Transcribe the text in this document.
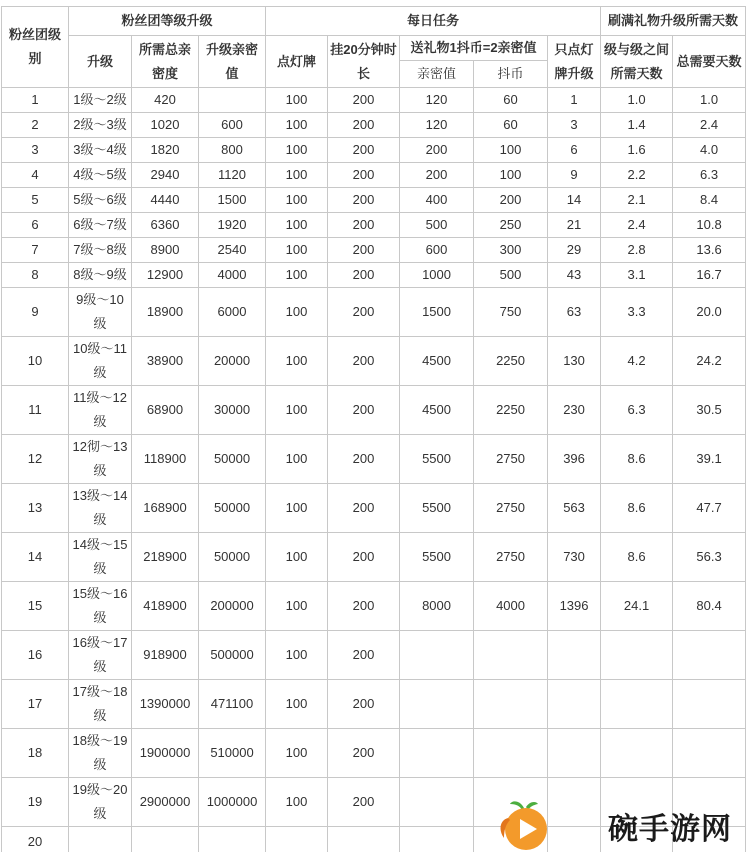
粉丝团级别	粉丝团等级升级			每日任务					刷满礼物升级所需天数	
	升级	所需总亲密度	升级亲密值	点灯牌	挂20分钟时长	送礼物1抖币=2亲密值		只点灯牌升级	级与级之间所需天数	总需要天数
						亲密值	抖币			
1	1级～2级	420		100	200	120	60	1	1.0	1.0
2	2级～3级	1020	600	100	200	120	60	3	1.4	2.4
3	3级～4级	1820	800	100	200	200	100	6	1.6	4.0
4	4级～5级	2940	1120	100	200	200	100	9	2.2	6.3
5	5级～6级	4440	1500	100	200	400	200	14	2.1	8.4
6	6级～7级	6360	1920	100	200	500	250	21	2.4	10.8
7	7级～8级	8900	2540	100	200	600	300	29	2.8	13.6
8	8级～9级	12900	4000	100	200	1000	500	43	3.1	16.7
9	9级～10级	18900	6000	100	200	1500	750	63	3.3	20.0
10	10级～11级	38900	20000	100	200	4500	2250	130	4.2	24.2
11	11级～12级	68900	30000	100	200	4500	2250	230	6.3	30.5
12	12彻～13级	118900	50000	100	200	5500	2750	396	8.6	39.1
13	13级～14级	168900	50000	100	200	5500	2750	563	8.6	47.7
14	14级～15级	218900	50000	100	200	5500	2750	730	8.6	56.3
15	15级～16级	418900	200000	100	200	8000	4000	1396	24.1	80.4
16	16级～17级	918900	500000	100	200					
17	17级～18级	1390000	471100	100	200					
18	18级～19级	1900000	510000	100	200					
19	19级～20级	2900000	1000000	100	200					
20											碗手游网
